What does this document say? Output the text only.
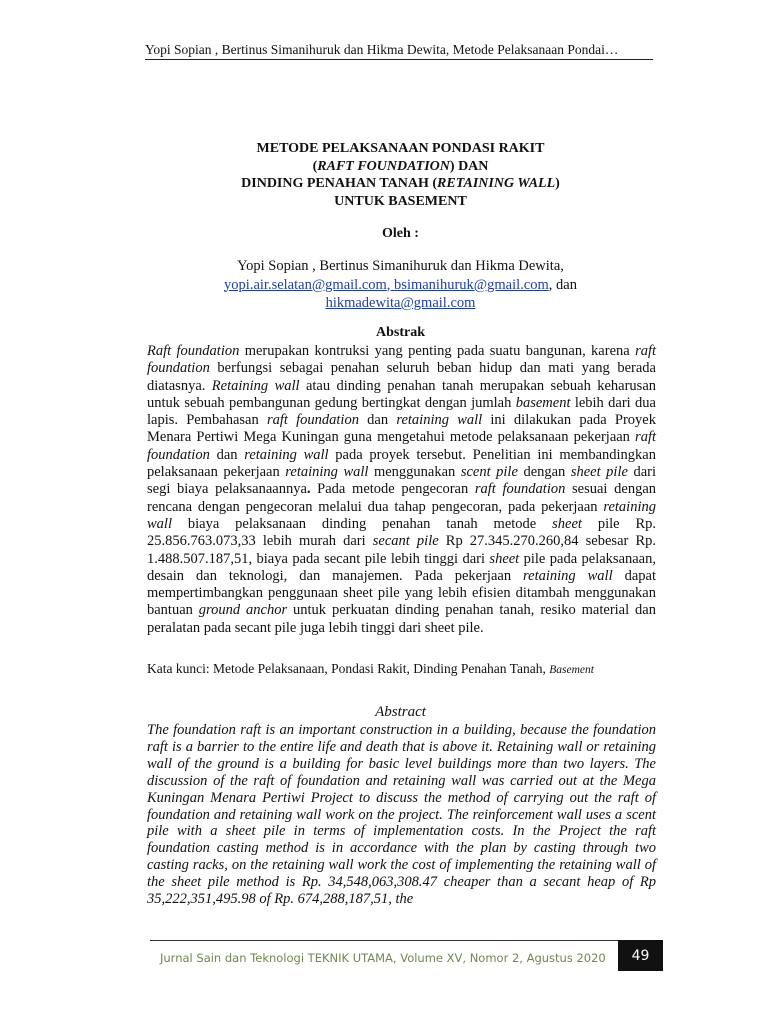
Yopi Sopian , Bertinus Simanihuruk dan Hikma Dewita, Metode Pelaksanaan Pondai…
METODE PELAKSANAAN PONDASI RAKIT
(RAFT FOUNDATION) DAN
DINDING PENAHAN TANAH (RETAINING WALL)
UNTUK BASEMENT
Oleh :
Yopi Sopian , Bertinus Simanihuruk dan Hikma Dewita,
yopi.air.selatan@gmail.com, bsimanihuruk@gmail.com, dan
hikmadewita@gmail.com
Abstrak

Raft foundation merupakan kontruksi yang penting pada suatu bangunan, karena raft foundation berfungsi sebagai penahan seluruh beban hidup dan mati yang berada diatasnya. Retaining wall atau dinding penahan tanah merupakan sebuah keharusan untuk sebuah pembangunan gedung bertingkat dengan jumlah basement lebih dari dua lapis. Pembahasan raft foundation dan retaining wall ini dilakukan pada Proyek Menara Pertiwi Mega Kuningan guna mengetahui metode pelaksanaan pekerjaan raft foundation dan retaining wall pada proyek tersebut. Penelitian ini membandingkan pelaksanaan pekerjaan retaining wall menggunakan scent pile dengan sheet pile dari segi biaya pelaksanaannya. Pada metode pengecoran raft foundation sesuai dengan rencana dengan pengecoran melalui dua tahap pengecoran, pada pekerjaan retaining wall biaya pelaksanaan dinding penahan tanah metode sheet pile Rp. 25.856.763.073,33 lebih murah dari secant pile Rp 27.345.270.260,84 sebesar Rp. 1.488.507.187,51, biaya pada secant pile lebih tinggi dari sheet pile pada pelaksanaan, desain dan teknologi, dan manajemen. Pada pekerjaan retaining wall dapat mempertimbangkan penggunaan sheet pile yang lebih efisien ditambah menggunakan bantuan ground anchor untuk perkuatan dinding penahan tanah, resiko material dan peralatan pada secant pile juga lebih tinggi dari sheet pile.

Kata kunci: Metode Pelaksanaan, Pondasi Rakit, Dinding Penahan Tanah, Basement
Abstract

The foundation raft is an important construction in a building, because the foundation raft is a barrier to the entire life and death that is above it. Retaining wall or retaining wall of the ground is a building for basic level buildings more than two layers. The discussion of the raft of foundation and retaining wall was carried out at the Mega Kuningan Menara Pertiwi Project to discuss the method of carrying out the raft of foundation and retaining wall work on the project. The reinforcement wall uses a scent pile with a sheet pile in terms of implementation costs. In the Project the raft foundation casting method is in accordance with the plan by casting through two casting racks, on the retaining wall work the cost of implementing the retaining wall of the sheet pile method is Rp. 34,548,063,308.47 cheaper than a secant heap of Rp 35,222,351,495.98 of Rp. 674,288,187,51, the

Jurnal Sain dan Teknologi TEKNIK UTAMA, Volume XV, Nomor 2, Agustus 2020	49
